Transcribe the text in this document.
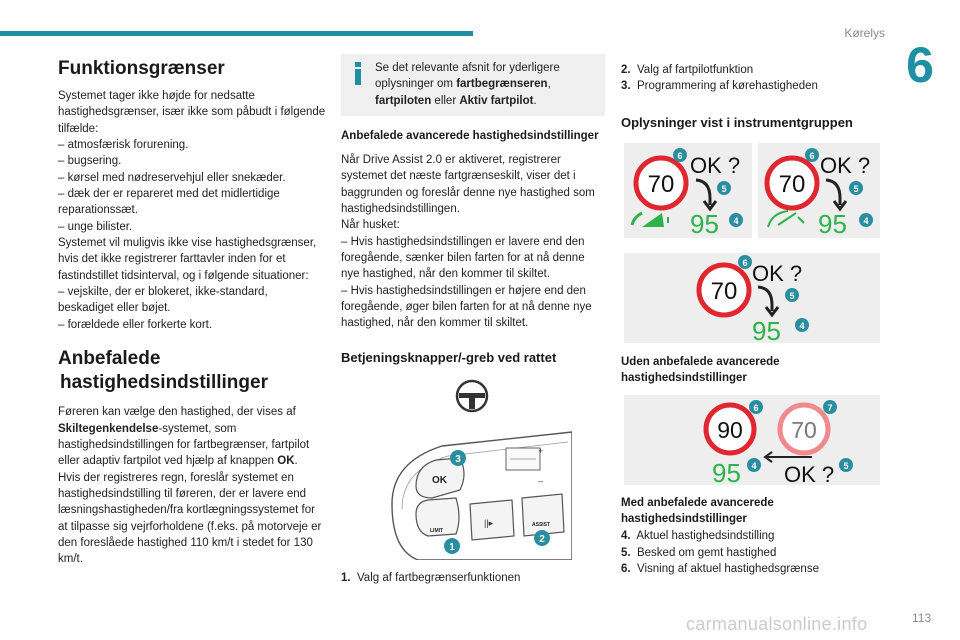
Kørelys
6
113
carmanualsonline.info
Funktionsgrænser

Systemet tager ikke højde for nedsatte hastighedsgrænser, især ikke som påbudt i følgende tilfælde:

– atmosfærisk forurening.

– bugsering.

– kørsel med nødreservehjul eller snekæder.

– dæk der er repareret med det midlertidige reparationssæt.

– unge bilister.

Systemet vil muligvis ikke vise hastighedsgrænser, hvis det ikke registrerer farttavler inden for et fastindstillet tidsinterval, og i følgende situationer:

– vejskilte, der er blokeret, ikke-standard, beskadiget eller bøjet.

– forældede eller forkerte kort.

Anbefalede
hastighedsindstillinger

Føreren kan vælge den hastighed, der vises af Skiltegenkendelse-systemet, som hastighedsindstillingen for fartbegrænser, fartpilot eller adaptiv fartpilot ved hjælp af knappen OK.

Hvis der registreres regn, foreslår systemet en hastighedsindstilling til føreren, der er lavere end læsningshastigheden/fra kortlægningssystemet for at tilpasse sig vejrforholdene (f.eks. på motorveje er den foreslåede hastighed 110 km/t i stedet for 130 km/t.

Se det relevante afsnit for yderligere oplysninger om fartbegrænseren, fartpiloten eller Aktiv fartpilot.

Anbefalede avancerede hastighedsindstillinger

Når Drive Assist 2.0 er aktiveret, registrerer systemet det næste fartgrænseskilt, viser det i baggrunden og foreslår denne nye hastighed som hastighedsindstillingen.

Når husket:

– Hvis hastighedsindstillingen er lavere end den foregående, sænker bilen farten for at nå denne nye hastighed, når den kommer til skiltet.

– Hvis hastighedsindstillingen er højere end den foregående, øger bilen farten for at nå denne nye hastighed, når den kommer til skiltet.

Betjeningsknapper/-greb ved rattet

1. Valg af fartbegrænserfunktionen

+
–
OK
LIMIT
||▸	ASSIST
3
1
2

2. Valg af fartpilotfunktion

3. Programmering af kørehastigheden

Oplysninger vist i instrumentgruppen
70
OK ?
95
6
5
4
70
OK ?
95
6
5
4
70
OK ?
95
6
5
4
Uden anbefalede avancerede hastighedsindstillinger
90 70
95 OK ?
6	7
4	5
Med anbefalede avancerede hastighedsindstillinger

4. Aktuel hastighedsindstilling

5. Besked om gemt hastighed

6. Visning af aktuel hastighedsgrænse
